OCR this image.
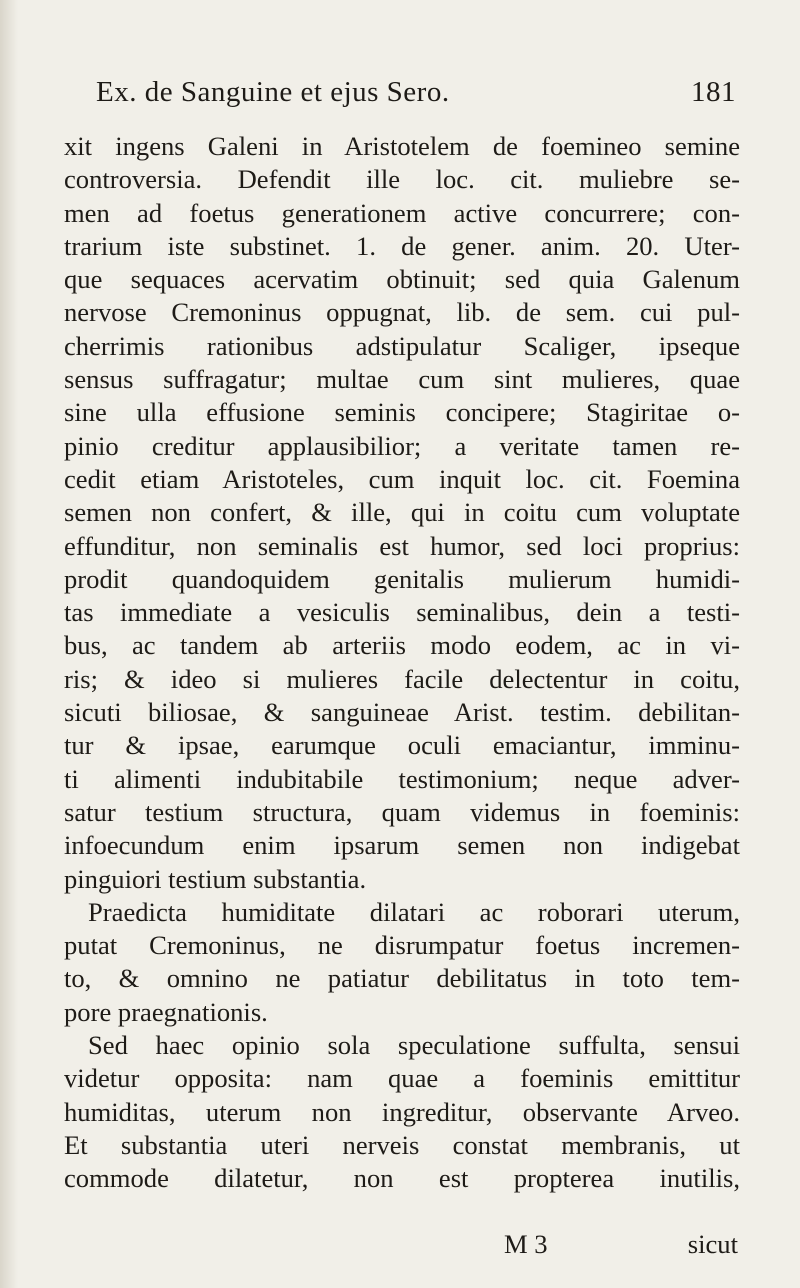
Ex. de Sanguine et ejus Sero.	181
xit ingens Galeni in Aristotelem de foemineo semine
controversia. Defendit ille loc. cit. muliebre se-
men ad foetus generationem active concurrere; con-
trarium iste substinet. 1. de gener. anim. 20. Uter-
que sequaces acervatim obtinuit; sed quia Galenum
nervose Cremoninus oppugnat, lib. de sem. cui pul-
cherrimis rationibus adstipulatur Scaliger, ipseque
sensus suffragatur; multae cum sint mulieres, quae
sine ulla effusione seminis concipere; Stagiritae o-
pinio creditur applausibilior; a veritate tamen re-
cedit etiam Aristoteles, cum inquit loc. cit. Foemina
semen non confert, & ille, qui in coitu cum voluptate
effunditur, non seminalis est humor, sed loci proprius:
prodit quandoquidem genitalis mulierum humidi-
tas immediate a vesiculis seminalibus, dein a testi-
bus, ac tandem ab arteriis modo eodem, ac in vi-
ris; & ideo si mulieres facile delectentur in coitu,
sicuti biliosae, & sanguineae Arist. testim. debilitan-
tur & ipsae, earumque oculi emaciantur, imminu-
ti alimenti indubitabile testimonium; neque adver-
satur testium structura, quam videmus in foeminis:
infoecundum enim ipsarum semen non indigebat
pinguiori testium substantia.
Praedicta humiditate dilatari ac roborari uterum,
putat Cremoninus, ne disrumpatur foetus incremen-
to, & omnino ne patiatur debilitatus in toto tem-
pore praegnationis.
Sed haec opinio sola speculatione suffulta, sensui
videtur opposita: nam quae a foeminis emittitur
humiditas, uterum non ingreditur, observante Arveo.
Et substantia uteri nerveis constat membranis, ut
commode dilatetur, non est propterea inutilis,
M 3	sicut
